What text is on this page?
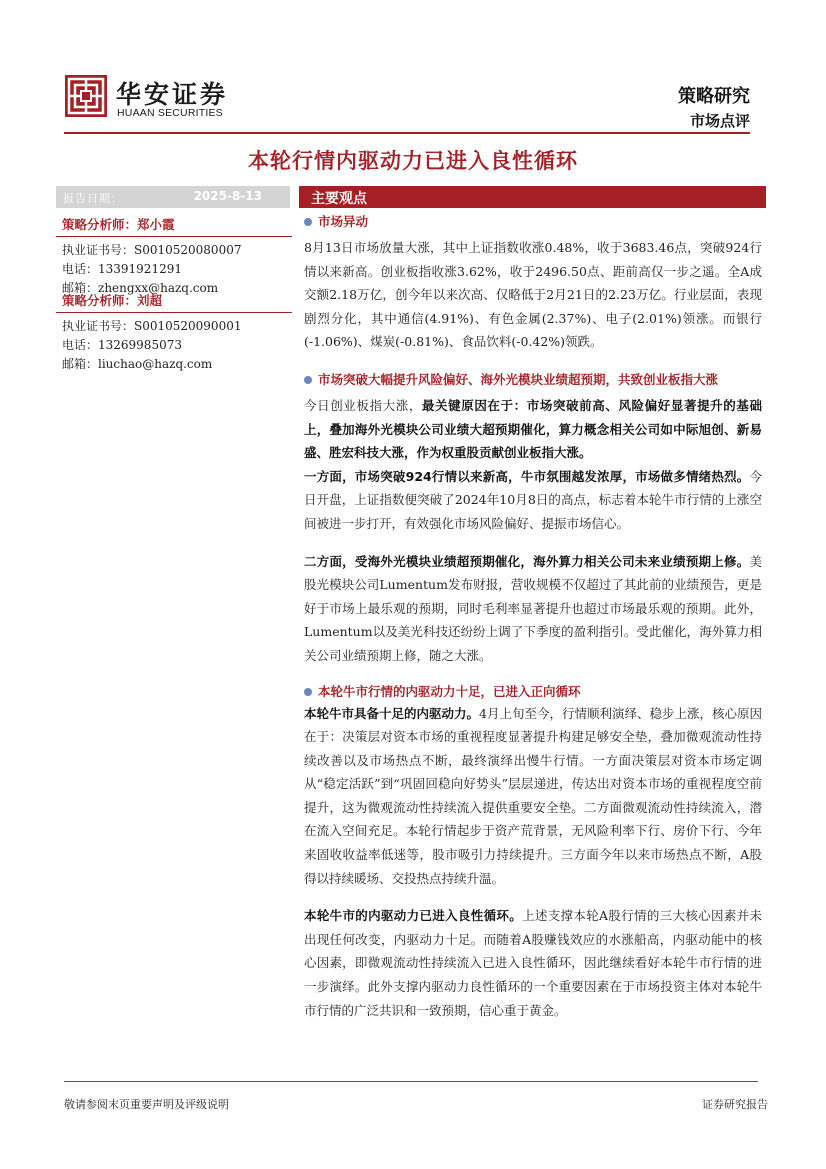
华安证券
HUAAN SECURITIES
策略研究
市场点评
本轮行情内驱动力已进入良性循环
报告日期：	2025-8-13
策略分析师：郑小霞
执业证书号：S0010520080007
电话：13391921291
邮箱：zhengxx@hazq.com
策略分析师：刘超
执业证书号：S0010520090001
电话：13269985073
邮箱：liuchao@hazq.com
主要观点
市场异动

8月13日市场放量大涨，其中上证指数收涨0.48%，收于3683.46点，突破924行情以来新高。创业板指收涨3.62%，收于2496.50点、距前高仅一步之遥。全A成交额2.18万亿，创今年以来次高、仅略低于2月21日的2.23万亿。行业层面，表现剧烈分化，其中通信(4.91%)、有色金属(2.37%)、电子(2.01%)领涨。而银行(-1.06%)、煤炭(-0.81%)、食品饮料(-0.42%)领跌。

市场突破大幅提升风险偏好、海外光模块业绩超预期，共致创业板指大涨

今日创业板指大涨，最关键原因在于：市场突破前高、风险偏好显著提升的基础上，叠加海外光模块公司业绩大超预期催化，算力概念相关公司如中际旭创、新易盛、胜宏科技大涨，作为权重股贡献创业板指大涨。

一方面，市场突破924行情以来新高，牛市氛围越发浓厚，市场做多情绪热烈。今日开盘，上证指数便突破了2024年10月8日的高点，标志着本轮牛市行情的上涨空间被进一步打开，有效强化市场风险偏好、提振市场信心。

二方面，受海外光模块业绩超预期催化，海外算力相关公司未来业绩预期上修。美股光模块公司Lumentum发布财报，营收规模不仅超过了其此前的业绩预告，更是好于市场上最乐观的预期，同时毛利率显著提升也超过市场最乐观的预期。此外，Lumentum以及美光科技还纷纷上调了下季度的盈利指引。受此催化，海外算力相关公司业绩预期上修，随之大涨。

本轮牛市行情的内驱动力十足，已进入正向循环

本轮牛市具备十足的内驱动力。4月上旬至今，行情顺利演绎、稳步上涨，核心原因在于：决策层对资本市场的重视程度显著提升构建足够安全垫，叠加微观流动性持续改善以及市场热点不断，最终演绎出慢牛行情。一方面决策层对资本市场定调从“稳定活跃”到“巩固回稳向好势头”层层递进，传达出对资本市场的重视程度空前提升，这为微观流动性持续流入提供重要安全垫。二方面微观流动性持续流入，潜在流入空间充足。本轮行情起步于资产荒背景，无风险利率下行、房价下行、今年来固收收益率低迷等，股市吸引力持续提升。三方面今年以来市场热点不断，A股得以持续暖场、交投热点持续升温。

本轮牛市的内驱动力已进入良性循环。上述支撑本轮A股行情的三大核心因素并未出现任何改变，内驱动力十足。而随着A股赚钱效应的水涨船高，内驱动能中的核心因素，即微观流动性持续流入已进入良性循环，因此继续看好本轮牛市行情的进一步演绎。此外支撑内驱动力良性循环的一个重要因素在于市场投资主体对本轮牛市行情的广泛共识和一致预期，信心重于黄金。

敬请参阅末页重要声明及评级说明	证券研究报告
